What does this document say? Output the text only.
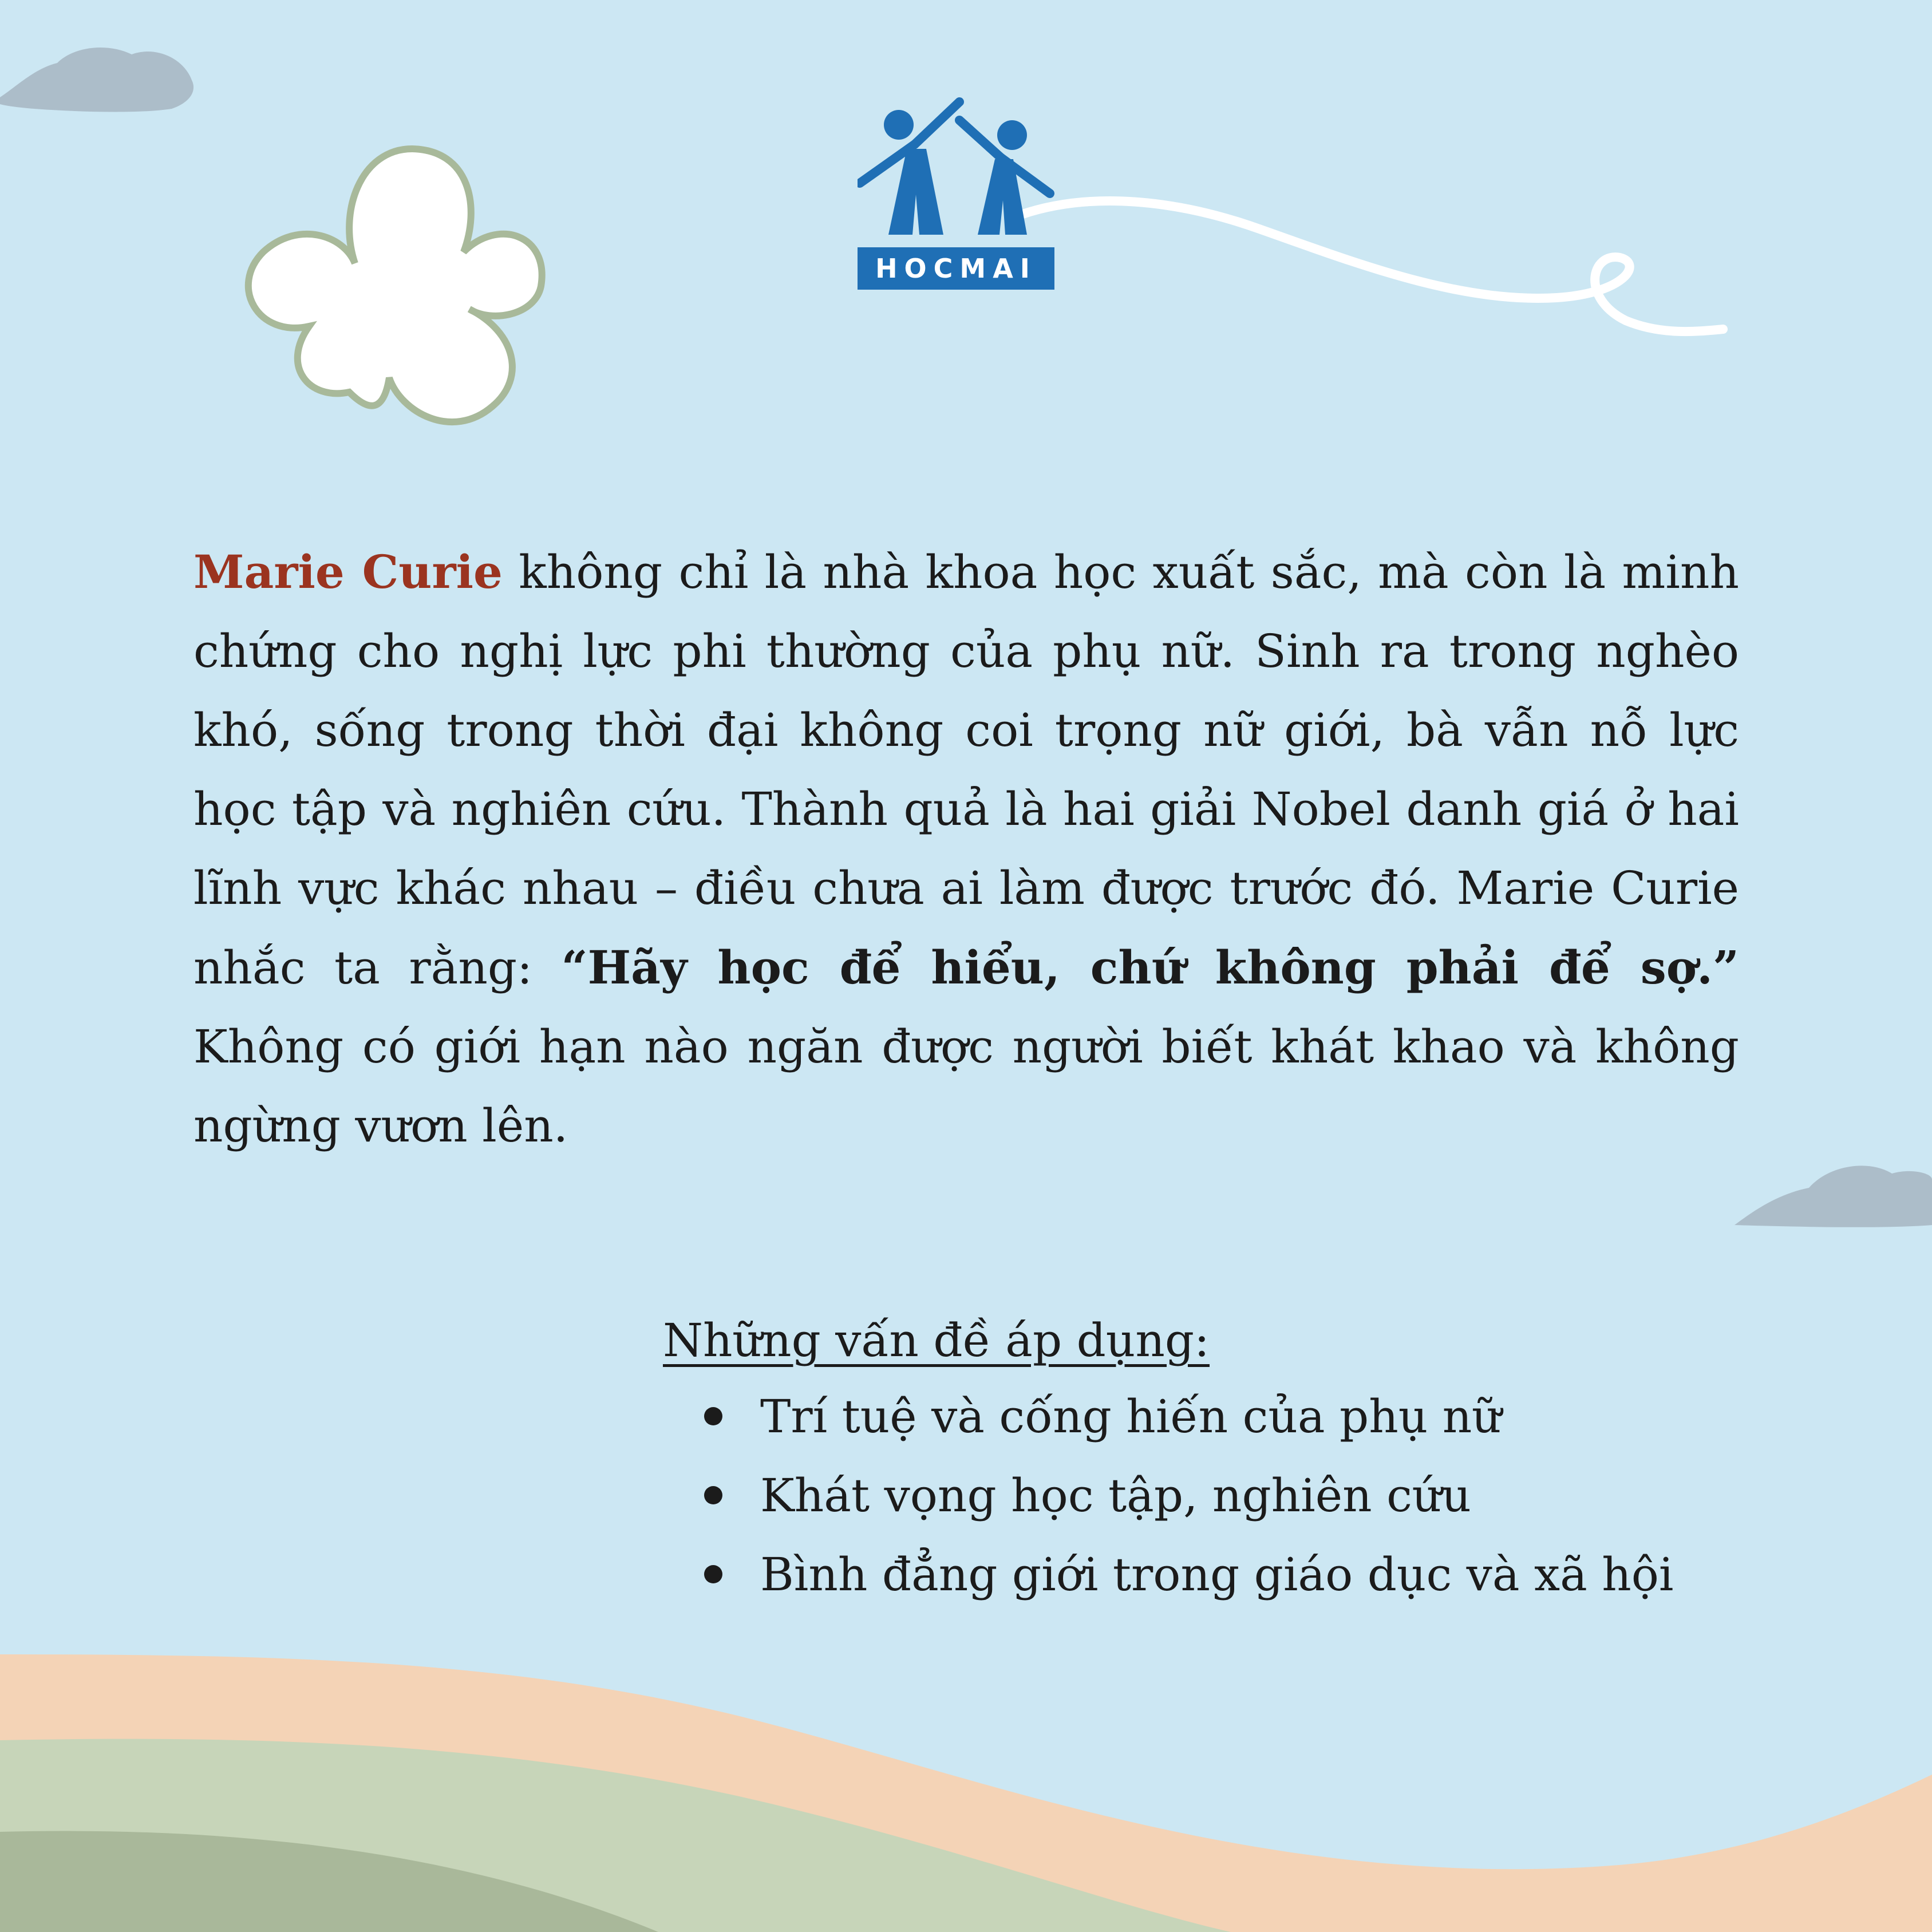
HOCMAI

Marie Curie không chỉ là nhà khoa học xuất sắc, mà còn là minh chứng cho nghị lực phi thường của phụ nữ. Sinh ra trong nghèo khó, sống trong thời đại không coi trọng nữ giới, bà vẫn nỗ lực học tập và nghiên cứu. Thành quả là hai giải Nobel danh giá ở hai lĩnh vực khác nhau – điều chưa ai làm được trước đó. Marie Curie nhắc ta rằng: “Hãy học để hiểu, chứ không phải để sợ.” Không có giới hạn nào ngăn được người biết khát khao và không ngừng vươn lên.

Những vấn đề áp dụng:

Trí tuệ và cống hiến của phụ nữ
Khát vọng học tập, nghiên cứu
Bình đẳng giới trong giáo dục và xã hội
